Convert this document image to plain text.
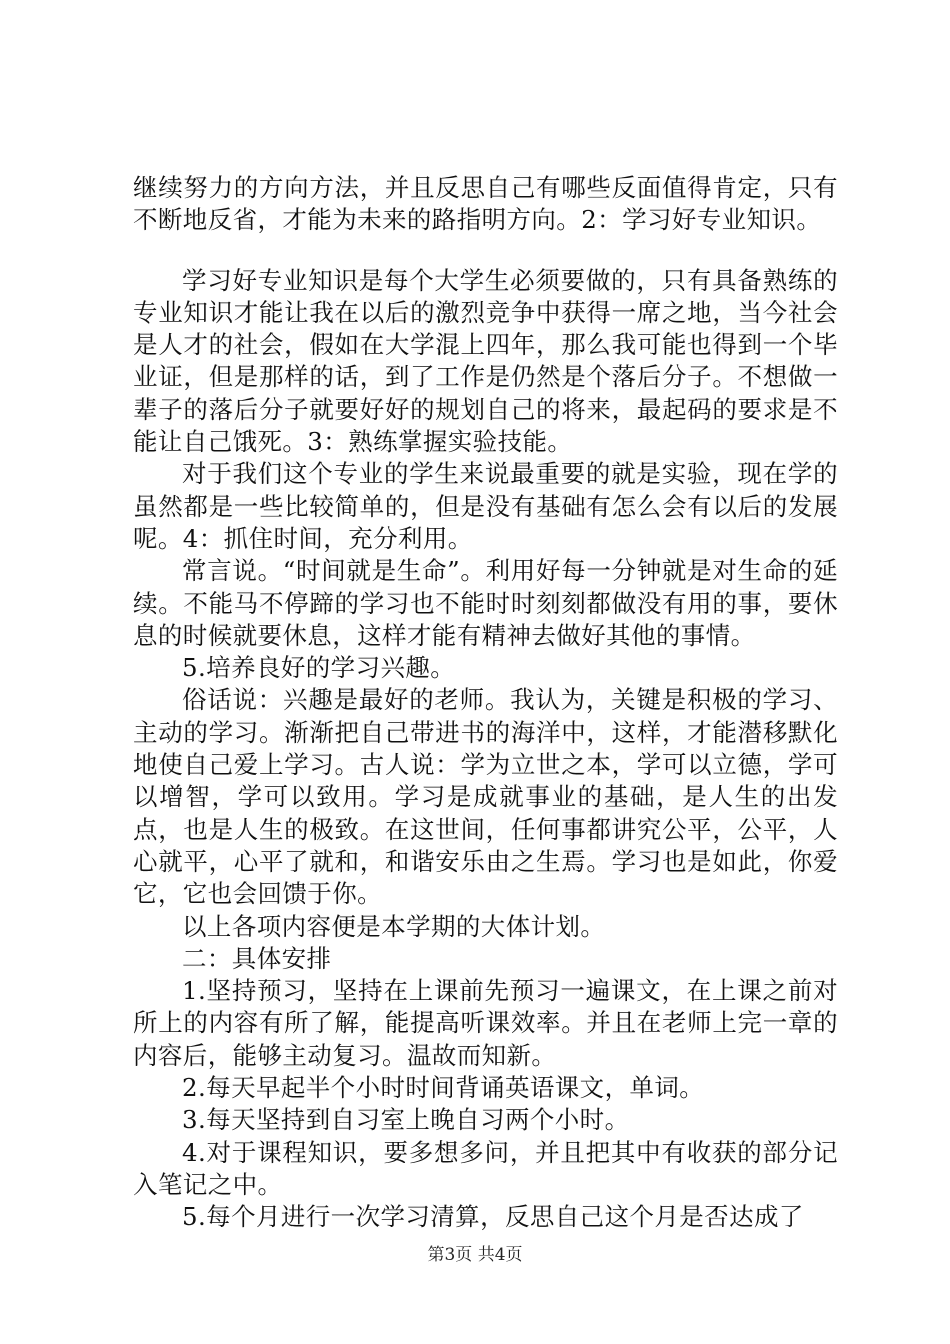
继续努力的方向方法，并且反思自己有哪些反面值得肯定，只有不断地反省，才能为未来的路指明方向。2：学习好专业知识。

学习好专业知识是每个大学生必须要做的，只有具备熟练的专业知识才能让我在以后的激烈竞争中获得一席之地，当今社会是人才的社会，假如在大学混上四年，那么我可能也得到一个毕业证，但是那样的话，到了工作是仍然是个落后分子。不想做一辈子的落后分子就要好好的规划自己的将来，最起码的要求是不能让自己饿死。3：熟练掌握实验技能。

对于我们这个专业的学生来说最重要的就是实验，现在学的虽然都是一些比较简单的，但是没有基础有怎么会有以后的发展呢。4：抓住时间，充分利用。

常言说。“时间就是生命”。利用好每一分钟就是对生命的延续。不能马不停蹄的学习也不能时时刻刻都做没有用的事，要休息的时候就要休息，这样才能有精神去做好其他的事情。

5.培养良好的学习兴趣。

俗话说：兴趣是最好的老师。我认为，关键是积极的学习、主动的学习。渐渐把自己带进书的海洋中，这样，才能潜移默化地使自己爱上学习。古人说：学为立世之本，学可以立德，学可以增智，学可以致用。学习是成就事业的基础，是人生的出发点，也是人生的极致。在这世间，任何事都讲究公平，公平，人心就平，心平了就和，和谐安乐由之生焉。学习也是如此，你爱它，它也会回馈于你。

以上各项内容便是本学期的大体计划。

二：具体安排

1.坚持预习，坚持在上课前先预习一遍课文，在上课之前对所上的内容有所了解，能提高听课效率。并且在老师上完一章的内容后，能够主动复习。温故而知新。

2.每天早起半个小时时间背诵英语课文，单词。

3.每天坚持到自习室上晚自习两个小时。

4.对于课程知识，要多想多问，并且把其中有收获的部分记入笔记之中。

5.每个月进行一次学习清算，反思自己这个月是否达成了

第3页 共4页
